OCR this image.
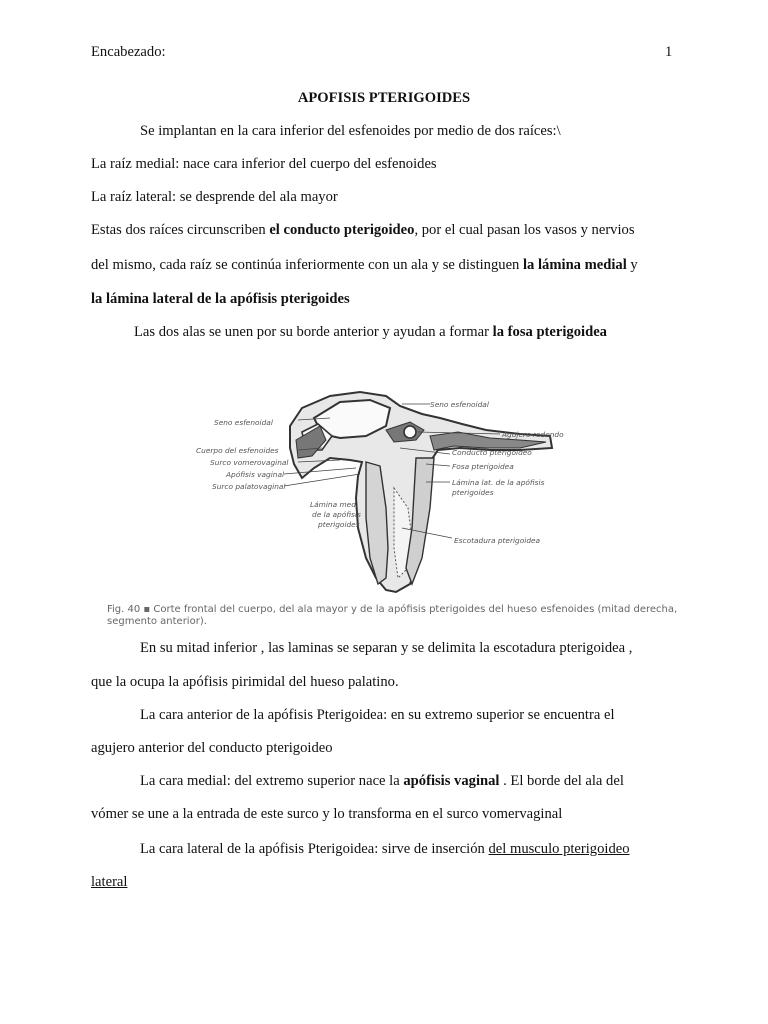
Encabezado:	1
APOFISIS PTERIGOIDES
Se implantan en la cara inferior del esfenoides por medio de dos raíces:\
La raíz medial: nace cara inferior del cuerpo del esfenoides
La raíz lateral: se desprende del ala mayor
Estas dos raíces circunscriben el conducto pterigoideo, por el cual pasan los vasos y nervios
del mismo, cada raíz se continúa inferiormente con un ala y se distinguen la lámina medial y
la lámina lateral de la apófisis pterigoides
Las dos alas se unen por su borde anterior y ayudan a formar la fosa pterigoidea
Seno esfenoidal
Cuerpo del esfenoides
Surco vomerovaginal
Apófisis vaginal
Surco palatovaginal
Seno esfenoidal
Agujero redondo
Conducto pterigoideo
Fosa pterigoidea
Lámina lat. de la apófisis
pterigoides
Escotadura pterigoidea
Lámina med.
de la apófisis
pterigoides
Fig. 40 ▪ Corte frontal del cuerpo, del ala mayor y de la apófisis pterigoides del hueso esfenoides (mitad derecha,
segmento anterior).
En su mitad inferior , las laminas se separan y se delimita la escotadura pterigoidea ,
que la ocupa la apófisis pirimidal del hueso palatino.
La cara anterior de la apófisis Pterigoidea: en su extremo superior se encuentra el
agujero anterior del conducto pterigoideo
La cara medial: del extremo superior nace la apófisis vaginal . El borde del ala del
vómer se une a la entrada de este surco y lo transforma en el surco vomervaginal
La cara lateral de la apófisis Pterigoidea: sirve de inserción del musculo pterigoideo
lateral
